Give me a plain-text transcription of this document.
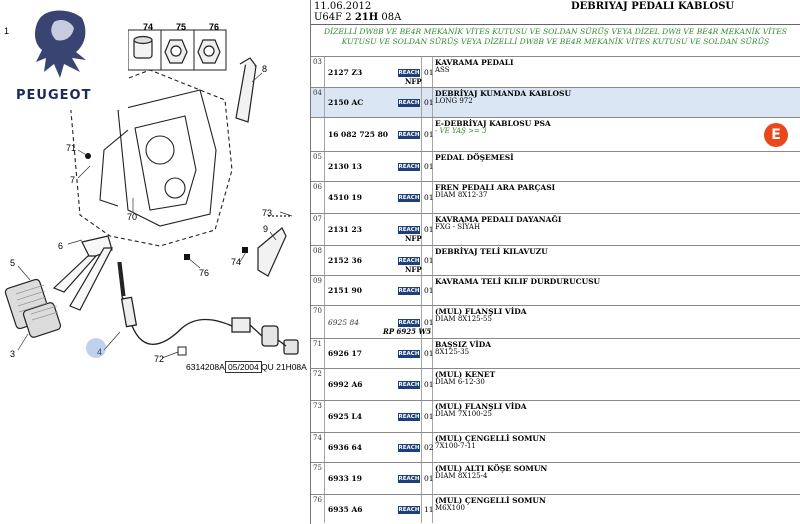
PEUGEOT
74	75	76
8
71
7
70
6
73
9
76
74
5
3	4
72
1
6314208A 05/2004 QU 21H08A
11.06.2012
U64F 2 21H 08A
DEBRIYAJ PEDALI KABLOSU
DİZELLİ DW8B VE BE4R MEKANİK VİTES KUTUSU VE SOLDAN SÜRÜŞ VEYA DİZEL DW8 VE BE4R MEKANİK VİTES KUTUSU VE SOLDAN SÜRÜŞ VEYA DİZELLİ DW8B VE BE4R MEKANİK VİTES KUTUSU VE SOLDAN SÜRÜŞ
03
2127 Z3	REACH 01
NFP
KAVRAMA PEDALI
ASS
04
2150 AC	REACH 01
DEBRİYAJ KUMANDA KABLOSU
LONG 972
16 082 725 80 REACH 01
E-DEBRİYAJ KABLOSU PSA
- VE YAŞ >= 3	E
05
2130 13	REACH 01
PEDAL DÖŞEMESİ
06
4510 19	REACH 01
FREN PEDALI ARA PARÇASI
DIAM 8X12-37
07
2131 23	REACH 01
NFP
KAVRAMA PEDALI DAYANAĞI
FXG - SİYAH
08
2152 36	REACH 01
NFP
DEBRİYAJ TELİ KILAVUZU
09
2151 90	REACH 01
KAVRAMA TELİ KILIF DURDURUCUSU
70
6925 84	REACH 01
RP 6925 W5
(MUL) FLANŞLI VİDA
DIAM 8X125-55
71
6926 17	REACH 01
BAŞSIZ VİDA
8X125-35
72
6992 A6	REACH 01
(MUL) KENET
DIAM 6-12-30
73
6925 L4	REACH 01
(MUL) FLANŞLI VİDA
DIAM 7X100-25
74
6936 64	REACH 02
(MUL) ÇENGELLİ SOMUN
7X100-7-11
75
6933 19	REACH 01
(MUL) ALTI KÖŞE SOMUN
DIAM 8X125-4
76
6935 A6	REACH 11
(MUL) ÇENGELLİ SOMUN
M6X100
